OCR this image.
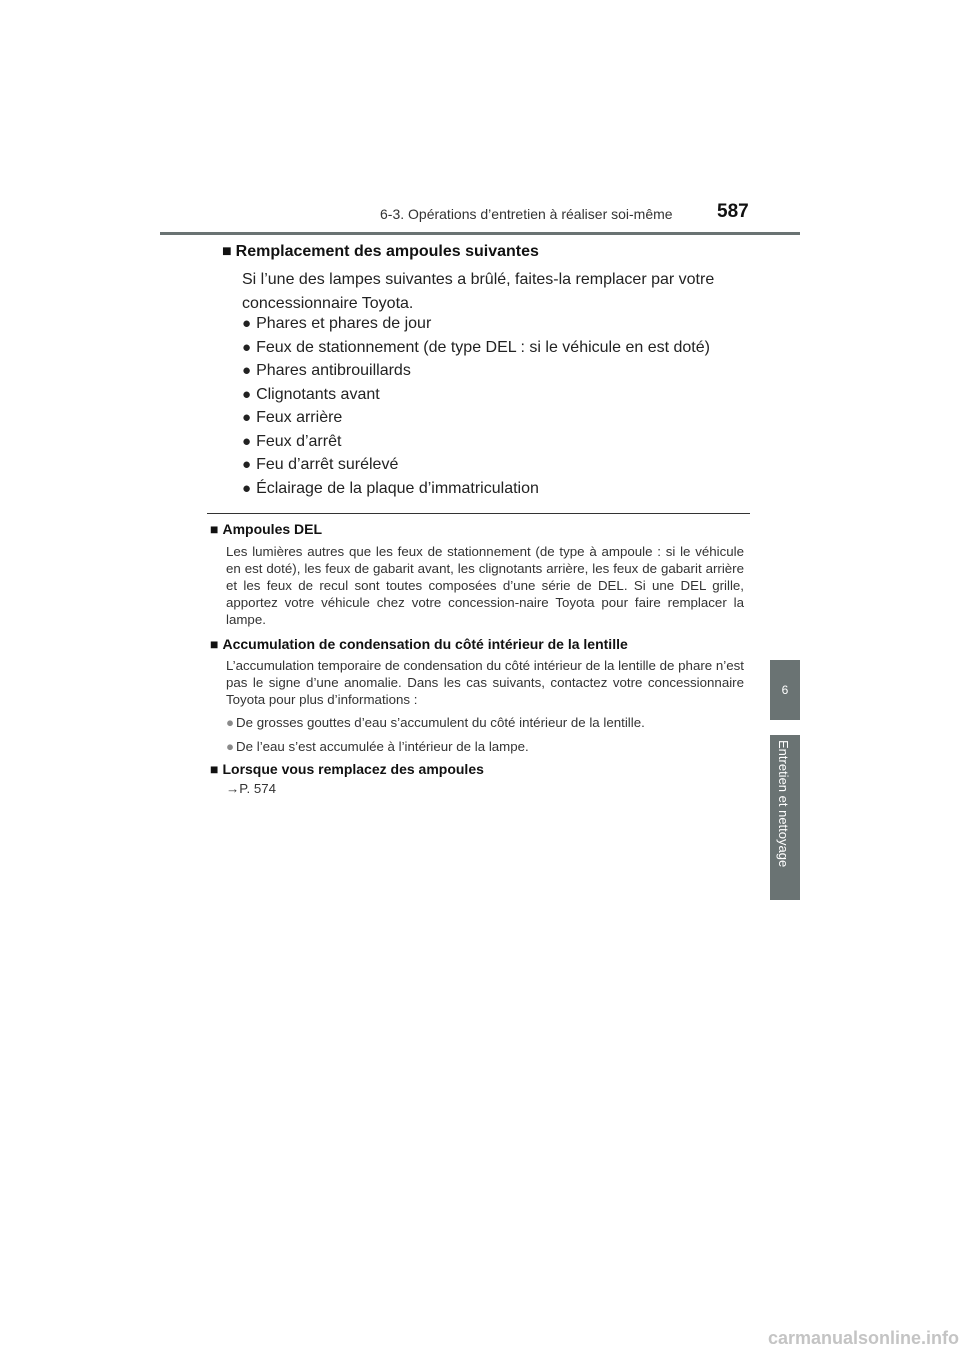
6-3. Opérations d’entretien à réaliser soi-même 587
6
Entretien et nettoyage
■ Remplacement des ampoules suivantes
Si l’une des lampes suivantes a brûlé, faites-la remplacer par votre concessionnaire Toyota.
● Phares et phares de jour
● Feux de stationnement (de type DEL : si le véhicule en est doté)
● Phares antibrouillards
● Clignotants avant
● Feux arrière
● Feux d’arrêt
● Feu d’arrêt surélevé
● Éclairage de la plaque d’immatriculation
■ Ampoules DEL
Les lumières autres que les feux de stationnement (de type à ampoule : si le véhicule en est doté), les feux de gabarit avant, les clignotants arrière, les feux de gabarit arrière et les feux de recul sont toutes composées d’une série de DEL. Si une DEL grille, apportez votre véhicule chez votre concession-naire Toyota pour faire remplacer la lampe.
■ Accumulation de condensation du côté intérieur de la lentille
L’accumulation temporaire de condensation du côté intérieur de la lentille de phare n’est pas le signe d’une anomalie. Dans les cas suivants, contactez votre concessionnaire Toyota pour plus d’informations :
● De grosses gouttes d’eau s’accumulent du côté intérieur de la lentille.
● De l’eau s’est accumulée à l’intérieur de la lampe.
■ Lorsque vous remplacez des ampoules
→P. 574
carmanualsonline.info
